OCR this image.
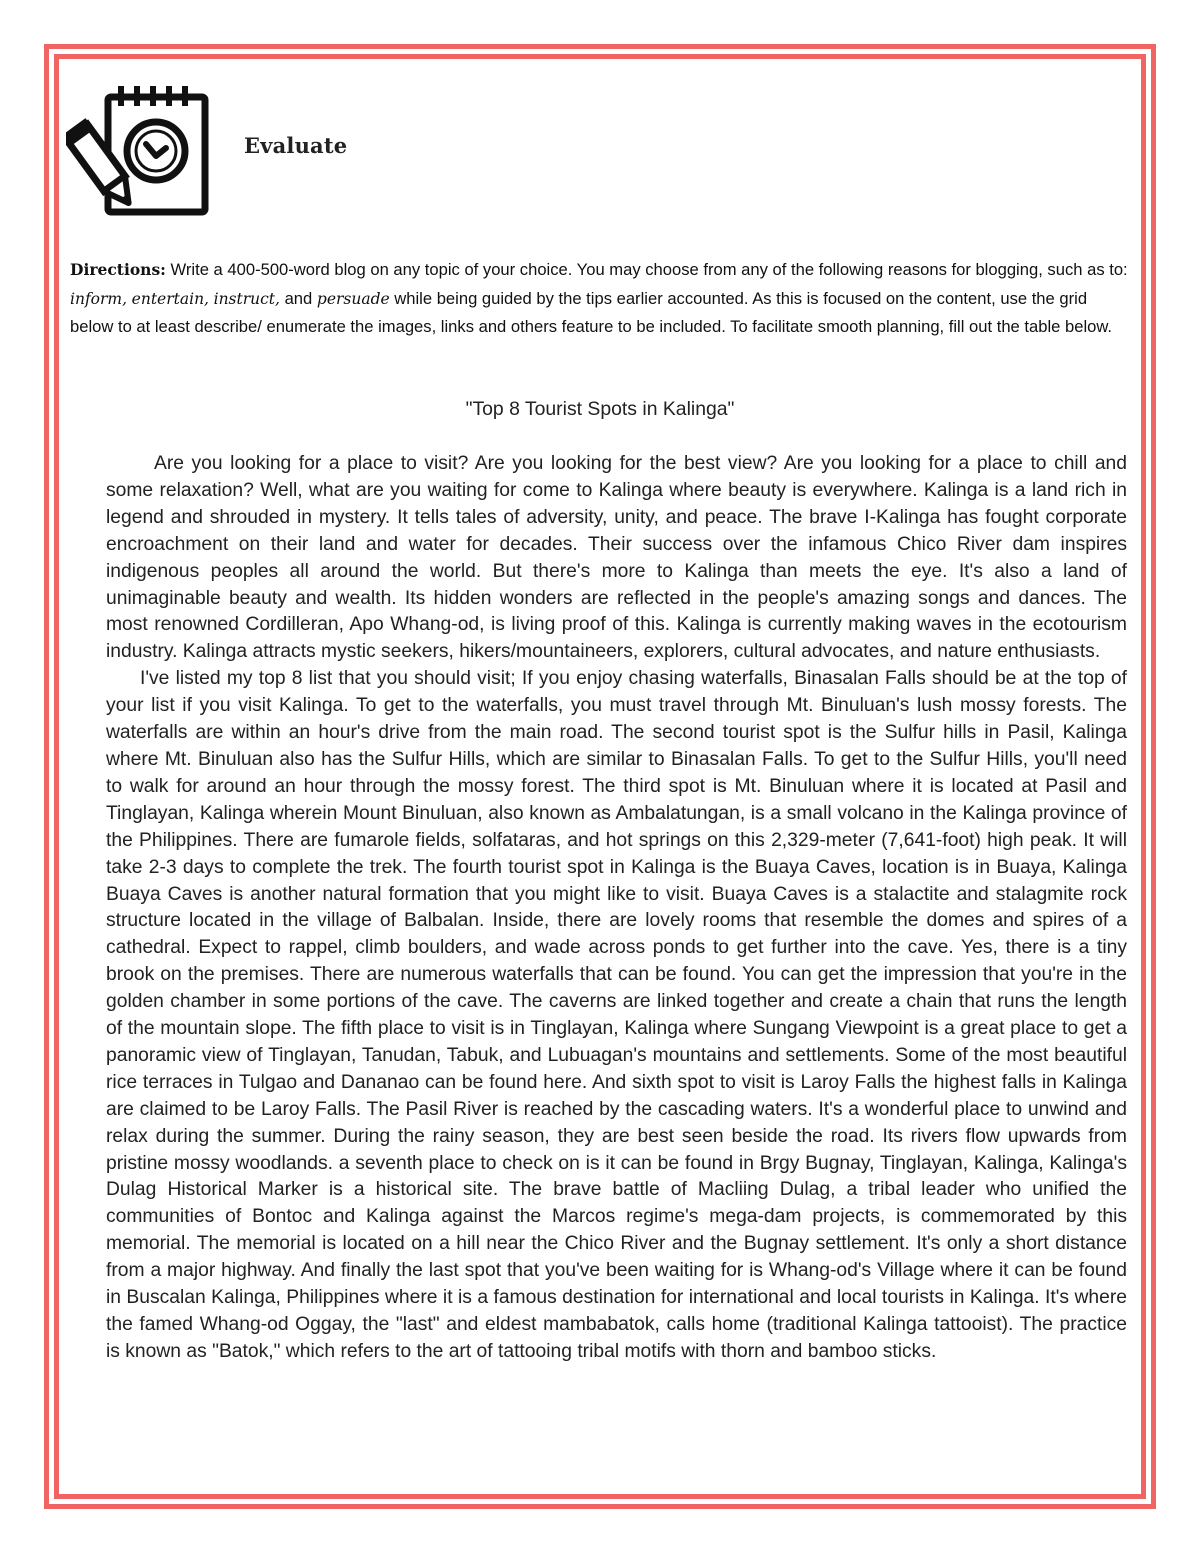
Evaluate
Directions: Write a 400-500-word blog on any topic of your choice. You may choose from any of the following reasons for blogging, such as to: inform, entertain, instruct, and persuade while being guided by the tips earlier accounted. As this is focused on the content, use the grid below to at least describe/ enumerate the images, links and others feature to be included. To facilitate smooth planning, fill out the table below.
"Top 8 Tourist Spots in Kalinga"

Are you looking for a place to visit? Are you looking for the best view? Are you looking for a place to chill and some relaxation? Well, what are you waiting for come to Kalinga where beauty is everywhere. Kalinga is a land rich in legend and shrouded in mystery. It tells tales of adversity, unity, and peace. The brave I-Kalinga has fought corporate encroachment on their land and water for decades. Their success over the infamous Chico River dam inspires indigenous peoples all around the world. But there's more to Kalinga than meets the eye. It's also a land of unimaginable beauty and wealth. Its hidden wonders are reflected in the people's amazing songs and dances. The most renowned Cordilleran, Apo Whang-od, is living proof of this. Kalinga is currently making waves in the ecotourism industry. Kalinga attracts mystic seekers, hikers/mountaineers, explorers, cultural advocates, and nature enthusiasts.

I've listed my top 8 list that you should visit; If you enjoy chasing waterfalls, Binasalan Falls should be at the top of your list if you visit Kalinga. To get to the waterfalls, you must travel through Mt. Binuluan's lush mossy forests. The waterfalls are within an hour's drive from the main road. The second tourist spot is the Sulfur hills in Pasil, Kalinga where Mt. Binuluan also has the Sulfur Hills, which are similar to Binasalan Falls. To get to the Sulfur Hills, you'll need to walk for around an hour through the mossy forest. The third spot is Mt. Binuluan where it is located at Pasil and Tinglayan, Kalinga wherein Mount Binuluan, also known as Ambalatungan, is a small volcano in the Kalinga province of the Philippines. There are fumarole fields, solfataras, and hot springs on this 2,329-meter (7,641-foot) high peak. It will take 2-3 days to complete the trek. The fourth tourist spot in Kalinga is the Buaya Caves, location is in Buaya, Kalinga Buaya Caves is another natural formation that you might like to visit. Buaya Caves is a stalactite and stalagmite rock structure located in the village of Balbalan. Inside, there are lovely rooms that resemble the domes and spires of a cathedral. Expect to rappel, climb boulders, and wade across ponds to get further into the cave. Yes, there is a tiny brook on the premises. There are numerous waterfalls that can be found. You can get the impression that you're in the golden chamber in some portions of the cave. The caverns are linked together and create a chain that runs the length of the mountain slope. The fifth place to visit is in Tinglayan, Kalinga where Sungang Viewpoint is a great place to get a panoramic view of Tinglayan, Tanudan, Tabuk, and Lubuagan's mountains and settlements. Some of the most beautiful rice terraces in Tulgao and Dananao can be found here. And sixth spot to visit is Laroy Falls the highest falls in Kalinga are claimed to be Laroy Falls. The Pasil River is reached by the cascading waters. It's a wonderful place to unwind and relax during the summer. During the rainy season, they are best seen beside the road. Its rivers flow upwards from pristine mossy woodlands. a seventh place to check on is it can be found in Brgy Bugnay, Tinglayan, Kalinga, Kalinga's Dulag Historical Marker is a historical site. The brave battle of Macliing Dulag, a tribal leader who unified the communities of Bontoc and Kalinga against the Marcos regime's mega-dam projects, is commemorated by this memorial. The memorial is located on a hill near the Chico River and the Bugnay settlement. It's only a short distance from a major highway. And finally the last spot that you've been waiting for is Whang-od's Village where it can be found in Buscalan Kalinga, Philippines where it is a famous destination for international and local tourists in Kalinga. It's where the famed Whang-od Oggay, the "last" and eldest mambabatok, calls home (traditional Kalinga tattooist). The practice is known as "Batok," which refers to the art of tattooing tribal motifs with thorn and bamboo sticks.
